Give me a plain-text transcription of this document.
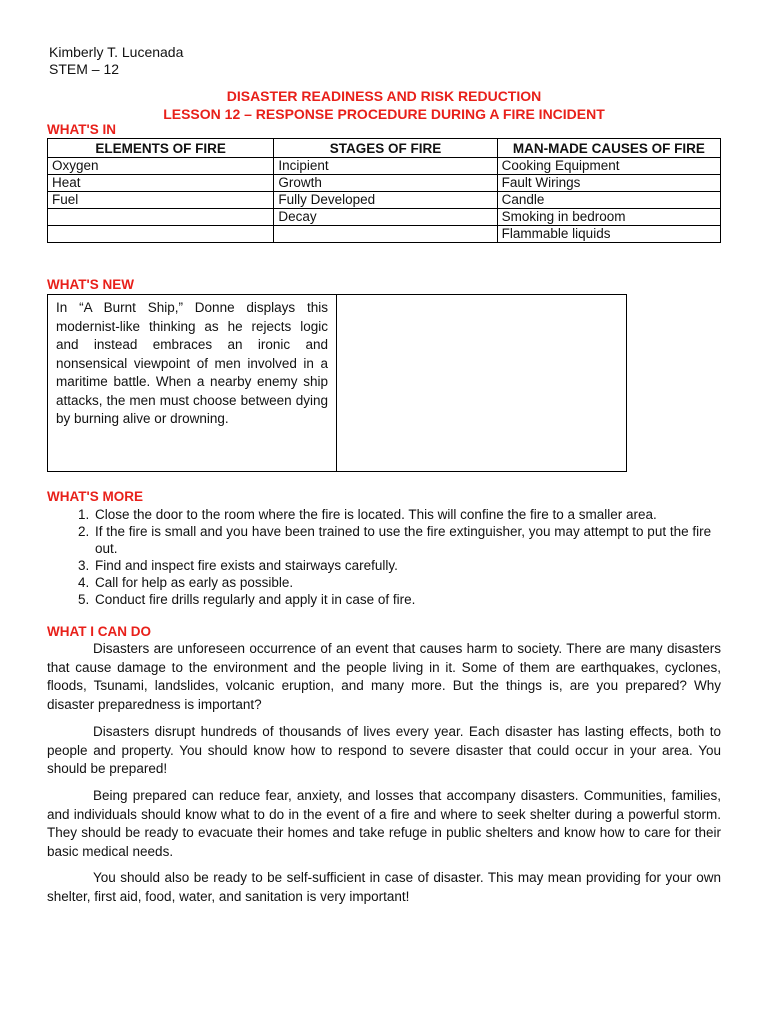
Kimberly T. Lucenada
STEM – 12
DISASTER READINESS AND RISK REDUCTION
LESSON 12 – RESPONSE PROCEDURE DURING A FIRE INCIDENT
WHAT'S IN
ELEMENTS OF FIRE	STAGES OF FIRE	MAN-MADE CAUSES OF FIRE
Oxygen	Incipient	Cooking Equipment
Heat	Growth	Fault Wirings
Fuel	Fully Developed	Candle
	Decay	Smoking in bedroom
		Flammable liquids
WHAT'S NEW
In “A Burnt Ship,” Donne displays this modernist-like thinking as he rejects logic and instead embraces an ironic and nonsensical viewpoint of men involved in a maritime battle. When a nearby enemy ship attacks, the men must choose between dying by burning alive or drowning.
WHAT'S MORE
1. Close the door to the room where the fire is located. This will confine the fire to a smaller area.
2. If the fire is small and you have been trained to use the fire extinguisher, you may attempt to put the fire out.
3. Find and inspect fire exists and stairways carefully.
4. Call for help as early as possible.
5. Conduct fire drills regularly and apply it in case of fire.
WHAT I CAN DO
Disasters are unforeseen occurrence of an event that causes harm to society. There are many disasters that cause damage to the environment and the people living in it. Some of them are earthquakes, cyclones, floods, Tsunami, landslides, volcanic eruption, and many more. But the things is, are you prepared? Why disaster preparedness is important?
Disasters disrupt hundreds of thousands of lives every year. Each disaster has lasting effects, both to people and property. You should know how to respond to severe disaster that could occur in your area. You should be prepared!
Being prepared can reduce fear, anxiety, and losses that accompany disasters. Communities, families, and individuals should know what to do in the event of a fire and where to seek shelter during a powerful storm. They should be ready to evacuate their homes and take refuge in public shelters and know how to care for their basic medical needs.
You should also be ready to be self-sufficient in case of disaster. This may mean providing for your own shelter, first aid, food, water, and sanitation is very important!
